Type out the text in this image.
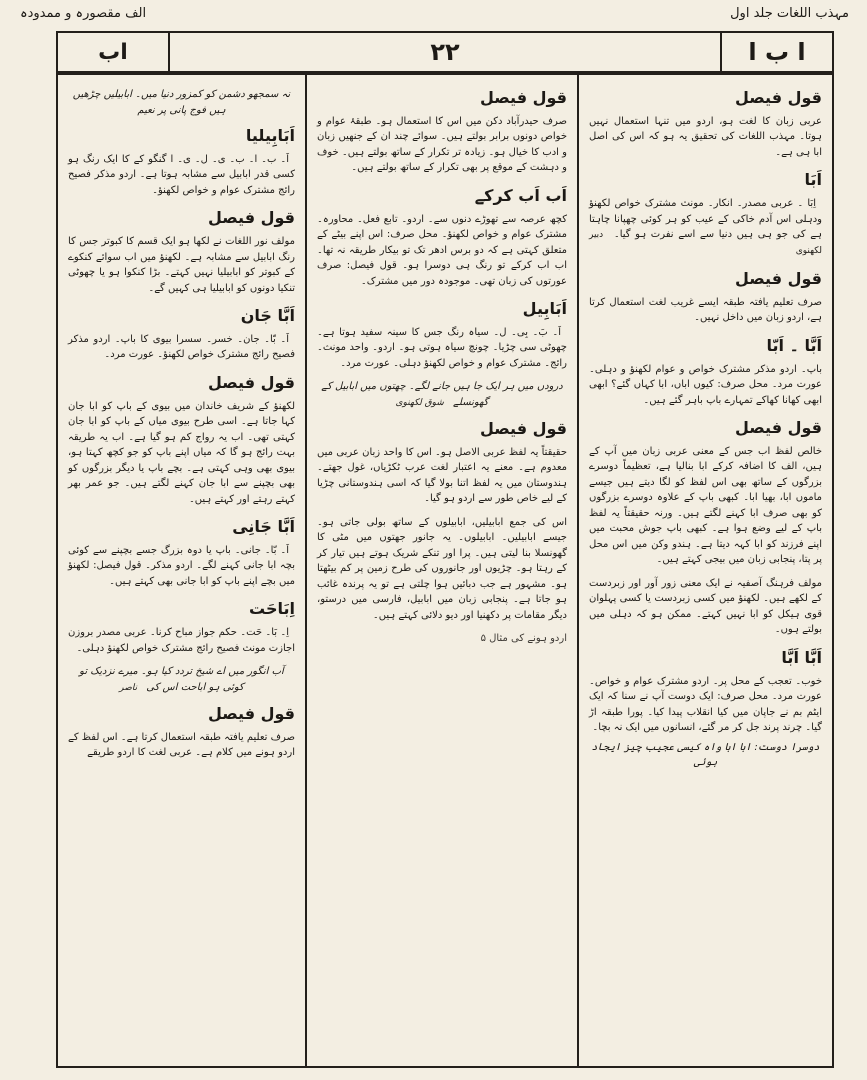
الف مقصورہ و ممدودہ	مہذب اللغات جلد اول
اب	۲۲	ا ب ا
نہ سمجھو دشمن کو کمزور دنیا میں۔ ابابیلیں چڑھیں ہیں فوج پانی پر نعیم
اَبَابِیلیا
اَ۔ ب۔ ا۔ ب۔ ی۔ ل۔ ی۔ ا گنگو کے کا ایک رنگ ہو کسی قدر ابابیل سے مشابہ ہوتا ہے۔ اردو مذکر فصیح رائج مشترک عوام و خواص لکھنؤ۔
قول فیصل
مولف نور اللغات نے لکھا ہو ایک قسم کا کبوتر جس کا رنگ ابابیل سے مشابہ ہے۔ لکھنؤ میں اب سوائے کنکوے کے کبوتر کو ابابیلیا نہیں کہتے۔ بڑا کنکوا ہو یا چھوٹی تنکیا دونوں کو ابابیلیا ہی کہیں گے۔
اَبَّا جَان
اَ۔ بّا۔ جان۔ خسر۔ سسرا بیوی کا باپ۔ اردو مذکر فصیح رائج مشترک خواص لکھنؤ۔ عورت مرد۔
قول فیصل
لکھنؤ کے شریف خاندان میں بیوی کے باپ کو ابا جان کہا جاتا ہے۔ اسی طرح بیوی میاں کے باپ کو ابا جان کہتی تھی۔ اب یہ رواج کم ہو گیا ہے۔ اب یہ طریقہ بہت رائج ہو گا کہ میاں اپنے باپ کو جو کچھ کہتا ہو، بیوی بھی وہی کہتی ہے۔ بچے باپ یا دیگر بزرگوں کو بھی بچپنے سے ابا جان کہنے لگتے ہیں۔ جو عمر بھر کہتے رہتے اور کہتے ہیں۔
اَبَّا جَانِی
اَ۔ بّا۔ جانی۔ باپ یا دوہ بزرگ جسے بچپنے سے کوئی بچہ ابا جانی کہنے لگے۔ اردو مذکر۔ قول فیصل: لکھنؤ میں بچے اپنے باپ کو ابا جانی بھی کہتے ہیں۔
اِبَاحَت
اِ۔ بَا۔ حَت۔ حکم جواز مباح کرنا۔ عربی مصدر بروزن اجازت مونث فصیح رائج مشترک خواص لکھنؤ دہلی۔
آب انگور میں اے شیخ تردد کیا ہو۔ میرے نزدیک تو کوئی ہو اباحت اس کی ناصر
قول فیصل
صرف تعلیم یافتہ طبقہ استعمال کرتا ہے۔ اس لفظ کے اردو ہونے میں کلام ہے۔ عربی لغت کا اردو طریقے
قول فیصل
صرف حیدرآباد دکن میں اس کا استعمال ہو۔ طبقۂ عوام و خواص دونوں برابر بولتے ہیں۔ سوائے چند ان کے جنھیں زبان و ادب کا خیال ہو۔ زیادہ تر تکرار کے ساتھ بولتے ہیں۔ خوف و دہشت کے موقع پر بھی تکرار کے ساتھ بولتے ہیں۔
اَب اَب کرکے
کچھ عرصہ سے تھوڑے دنوں سے۔ اردو۔ تابع فعل۔ محاورہ۔ مشترک عوام و خواص لکھنؤ۔ محل صرف: اس اپنے بیٹے کے متعلق کہتی ہے کہ دو برس ادھر تک تو بیکار طریقہ نہ تھا۔ اب اب کرکے تو رنگ ہی دوسرا ہو۔ قول فیصل: صرف عورتوں کی زبان تھی۔ موجودہ دور میں مشترک۔
اَبَابِیل
اَ۔ بَ۔ بِی۔ ل۔ سیاہ رنگ جس کا سینہ سفید ہوتا ہے۔ چھوٹی سی چڑیا۔ چونچ سیاہ ہوتی ہو۔ اردو۔ واحد مونث۔ رائج۔ مشترک عوام و خواص لکھنؤ دہلی۔ عورت مرد۔
درودں میں ہر ایک جا ہیں جانے لگے۔ چھتوں میں ابابیل کے گھونسلے شوق لکھنوی
قول فیصل
حقیقتاً یہ لفظ عربی الاصل ہو۔ اس کا واحد زبان عربی میں معدوم ہے۔ معنے یہ اعتبار لغت عرب ٹکڑیاں، غول جھتے۔ ہندوستان میں یہ لفظ اتنا بولا گیا کہ اسی ہندوستانی چڑیا کے لیے خاص طور سے اردو ہو گیا۔
اس کی جمع ابابیلیں، ابابیلوں کے ساتھ بولی جاتی ہو۔ جیسے ابابیلیں۔ ابابیلوں۔ یہ جانور جھتوں میں مٹی کا گھونسلا بنا لیتی ہیں۔ پرا اور تنکے شریک ہوتے ہیں تیار کر کے رہتا ہو۔ چڑیوں اور جانوروں کی طرح زمین پر کم بیٹھتا ہو۔ مشہور ہے جب دبائیں ہوا چلتی ہے تو یہ پرندہ غائب ہو جاتا ہے۔ پنجابی زبان میں ابابیل، فارسی میں درستو، دیگر مقامات پر دکھنیا اور دیو دلائی کہتے ہیں۔
اردو ہونے کی مثال ۵
قول فیصل
عربی زبان کا لغت ہو، اردو میں تنہا استعمال نہیں ہوتا۔ مہذب اللغات کی تحقیق یہ ہو کہ اس کی اصل ابا ہی ہے۔
اَبَا
اِبَا ۔ عربی مصدر۔ انکار۔ مونث مشترک خواص لکھنؤ ودہلی اس آدم خاکی کے عیب کو ہر کوئی چھپانا چاہتا ہے کی جو ہی ہیں دنیا سے اسے نفرت ہو گیا۔ دبیر لکھنوی
قول فیصل
صرف تعلیم یافتہ طبقہ ایسے غریب لغت استعمال کرتا ہے، اردو زبان میں داخل نہیں۔
اَبَّا ۔ اَبّا
باپ۔ اردو مذکر مشترک خواص و عوام لکھنؤ و دہلی۔ عورت مرد۔ محل صرف: کیوں اباں، ابا کہاں گئے؟ ابھی ابھی کھانا کھاکے تمہارے باپ باہر گئے ہیں۔
قول فیصل
خالص لفظ اب جس کے معنی عربی زبان میں آپ کے ہیں، الف کا اضافہ کرکے ابا بنالیا ہے، تعظیماً دوسرے بزرگوں کے ساتھ بھی اس لفظ کو لگا دیتے ہیں جیسے ماموں ابا، بھیا ابا۔ کبھی باپ کے علاوہ دوسرے بزرگوں کو بھی صرف ابا کہنے لگتے ہیں۔ ورنہ حقیقتاً یہ لفظ باپ کے لیے وضع ہوا ہے۔ کبھی باپ جوش محبت میں اپنے فرزند کو ابا کہہ دیتا ہے۔ ہندو وکن میں اس محل پر پتا، پنجابی زبان میں بیجی کہتے ہیں۔
مولف فرہنگ آصفیہ نے ایک معنی زور آور اور زبردست کے لکھے ہیں۔ لکھنؤ میں کسی زبردست یا کسی پہلوان قوی ہیکل کو ابا نہیں کہتے۔ ممکن ہو کہ دہلی میں بولتے ہوں۔
اَبَّا اَبَّا
خوب۔ تعجب کے محل پر۔ اردو مشترک عوام و خواص۔ عورت مرد۔ محل صرف: ایک دوست آپ نے سنا کہ ایک ایٹم بم نے جاپان میں کیا انقلاب پیدا کیا۔ پورا طبقہ اڑ گیا۔ چرند پرند جل کر مر گئے، انسانوں میں ایک نہ بچا۔
دوسرا دوست: ابا ابا واہ کیسی عجیب چیز ایجاد ہوئی
